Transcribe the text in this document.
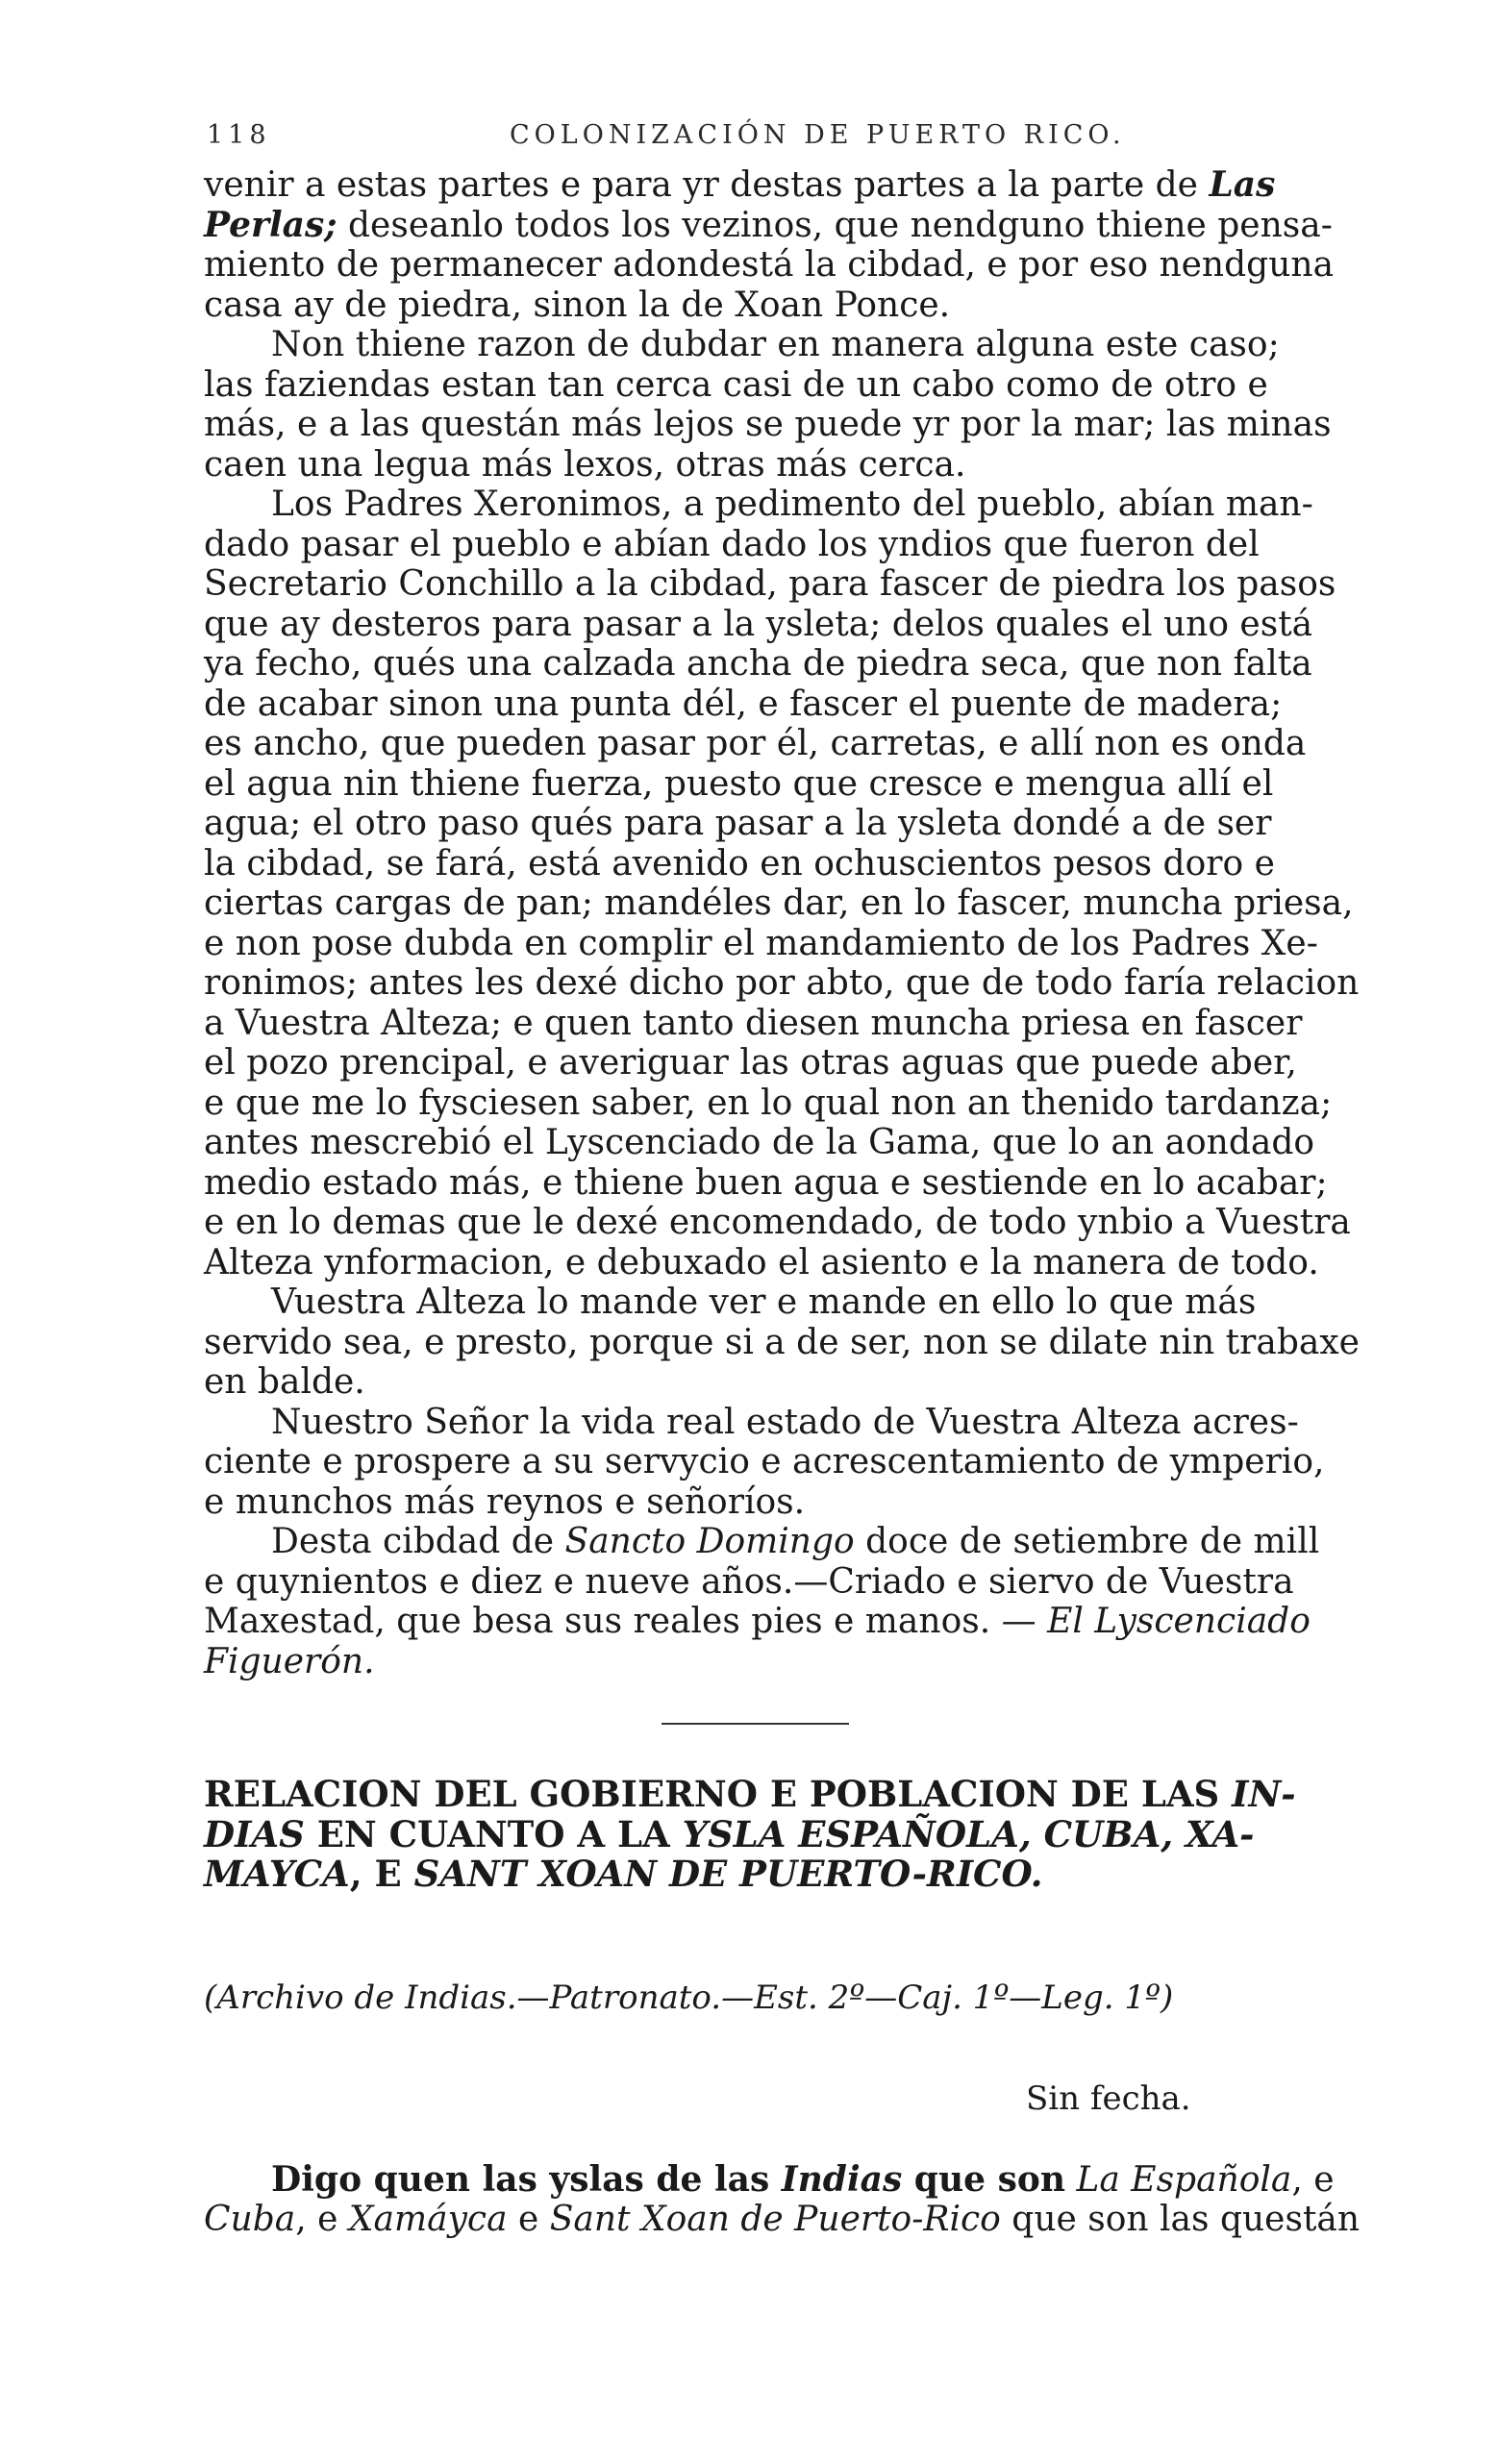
118	COLONIZACIÓN DE PUERTO RICO.
venir a estas partes e para yr destas partes a la parte de Las
Perlas; deseanlo todos los vezinos, que nendguno thiene pensa-
miento de permanecer adondestá la cibdad, e por eso nendguna
casa ay de piedra, sinon la de Xoan Ponce.
Non thiene razon de dubdar en manera alguna este caso;
las faziendas estan tan cerca casi de un cabo como de otro e
más, e a las questán más lejos se puede yr por la mar; las minas
caen una legua más lexos, otras más cerca.
Los Padres Xeronimos, a pedimento del pueblo, abían man-
dado pasar el pueblo e abían dado los yndios que fueron del
Secretario Conchillo a la cibdad, para fascer de piedra los pasos
que ay desteros para pasar a la ysleta; delos quales el uno está
ya fecho, qués una calzada ancha de piedra seca, que non falta
de acabar sinon una punta dél, e fascer el puente de madera;
es ancho, que pueden pasar por él, carretas, e allí non es onda
el agua nin thiene fuerza, puesto que cresce e mengua allí el
agua; el otro paso qués para pasar a la ysleta dondé a de ser
la cibdad, se fará, está avenido en ochuscientos pesos doro e
ciertas cargas de pan; mandéles dar, en lo fascer, muncha priesa,
e non pose dubda en complir el mandamiento de los Padres Xe-
ronimos; antes les dexé dicho por abto, que de todo faría relacion
a Vuestra Alteza; e quen tanto diesen muncha priesa en fascer
el pozo prencipal, e averiguar las otras aguas que puede aber,
e que me lo fysciesen saber, en lo qual non an thenido tardanza;
antes mescrebió el Lyscenciado de la Gama, que lo an aondado
medio estado más, e thiene buen agua e sestiende en lo acabar;
e en lo demas que le dexé encomendado, de todo ynbio a Vuestra
Alteza ynformacion, e debuxado el asiento e la manera de todo.
Vuestra Alteza lo mande ver e mande en ello lo que más
servido sea, e presto, porque si a de ser, non se dilate nin trabaxe
en balde.
Nuestro Señor la vida real estado de Vuestra Alteza acres-
ciente e prospere a su servycio e acrescentamiento de ymperio,
e munchos más reynos e señoríos.
Desta cibdad de Sancto Domingo doce de setiembre de mill
e quynientos e diez e nueve años.—Criado e siervo de Vuestra
Maxestad, que besa sus reales pies e manos. — El Lyscenciado
Figuerón.
RELACION DEL GOBIERNO E POBLACION DE LAS IN-
DIAS EN CUANTO A LA YSLA ESPAÑOLA, CUBA, XA-
MAYCA, E SANT XOAN DE PUERTO-RICO.
(Archivo de Indias.—Patronato.—Est. 2º—Caj. 1º—Leg. 1º)
Sin fecha.
Digo quen las yslas de las Indias que son La Española, e
Cuba, e Xamáyca e Sant Xoan de Puerto-Rico que son las questán
